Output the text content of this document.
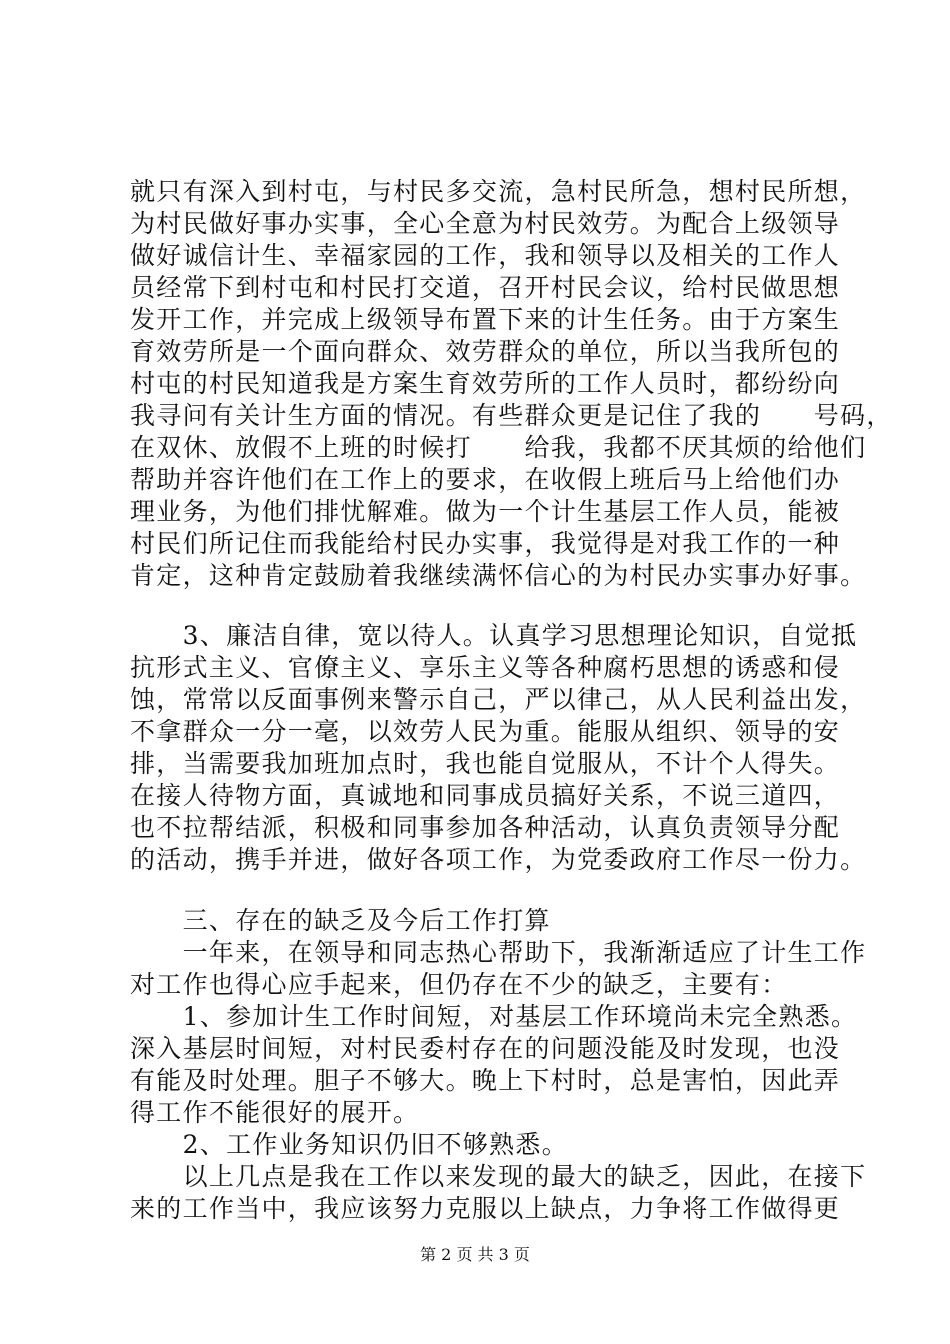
就只有深入到村屯，与村民多交流，急村民所急，想村民所想，
为村民做好事办实事，全心全意为村民效劳。为配合上级领导
做好诚信计生、幸福家园的工作，我和领导以及相关的工作人
员经常下到村屯和村民打交道，召开村民会议，给村民做思想
发开工作，并完成上级领导布置下来的计生任务。由于方案生
育效劳所是一个面向群众、效劳群众的单位，所以当我所包的
村屯的村民知道我是方案生育效劳所的工作人员时，都纷纷向
我寻问有关计生方面的情况。有些群众更是记住了我的　　号码，
在双休、放假不上班的时候打　　给我，我都不厌其烦的给他们
帮助并容许他们在工作上的要求，在收假上班后马上给他们办
理业务，为他们排忧解难。做为一个计生基层工作人员，能被
村民们所记住而我能给村民办实事，我觉得是对我工作的一种
肯定，这种肯定鼓励着我继续满怀信心的为村民办实事办好事。
　　3、廉洁自律，宽以待人。认真学习思想理论知识，自觉抵
抗形式主义、官僚主义、享乐主义等各种腐朽思想的诱惑和侵
蚀，常常以反面事例来警示自己，严以律己，从人民利益出发，
不拿群众一分一毫，以效劳人民为重。能服从组织、领导的安
排，当需要我加班加点时，我也能自觉服从，不计个人得失。
在接人待物方面，真诚地和同事成员搞好关系，不说三道四，
也不拉帮结派，积极和同事参加各种活动，认真负责领导分配
的活动，携手并进，做好各项工作，为党委政府工作尽一份力。
　　三、存在的缺乏及今后工作打算
　　一年来，在领导和同志热心帮助下，我渐渐适应了计生工作
对工作也得心应手起来，但仍存在不少的缺乏，主要有：
　　1、参加计生工作时间短，对基层工作环境尚未完全熟悉。
深入基层时间短，对村民委村存在的问题没能及时发现，也没
有能及时处理。胆子不够大。晚上下村时，总是害怕，因此弄
得工作不能很好的展开。
　　2、工作业务知识仍旧不够熟悉。
　　以上几点是我在工作以来发现的最大的缺乏，因此，在接下
来的工作当中，我应该努力克服以上缺点，力争将工作做得更
第 2 页 共 3 页
